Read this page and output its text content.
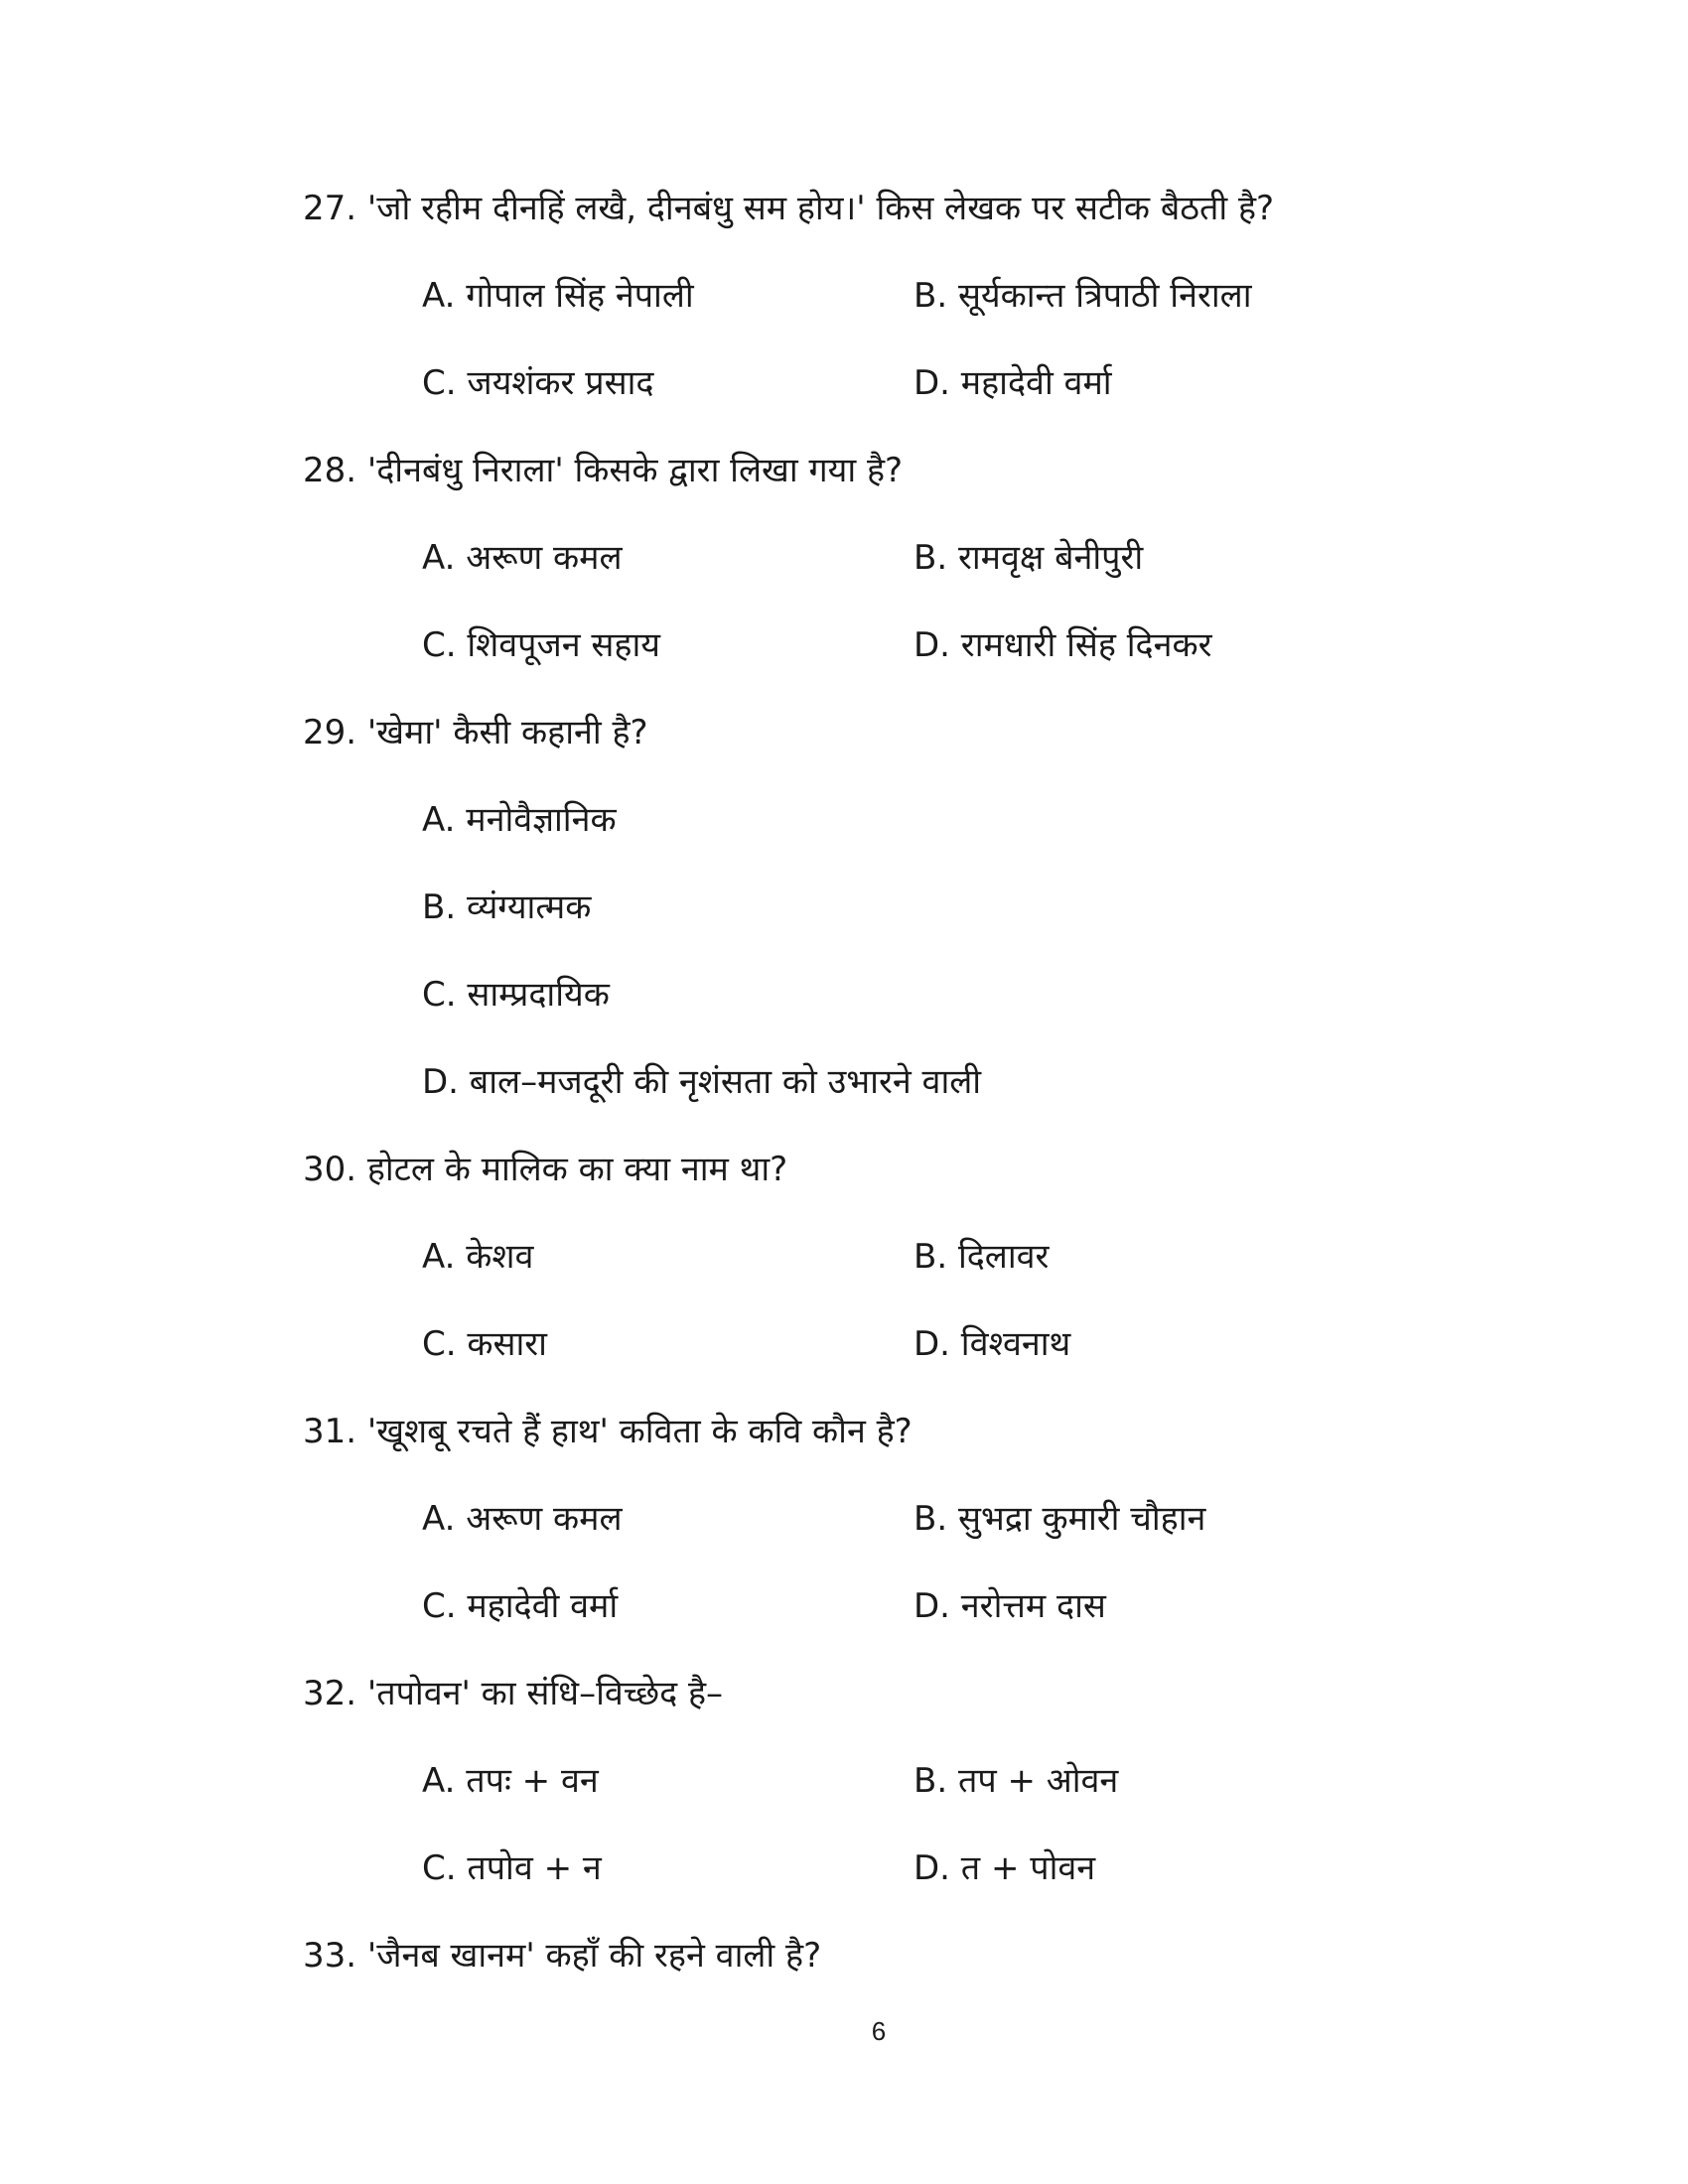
27. 'जो रहीम दीनहिं लखै, दीनबंधु सम होय।' किस लेखक पर सटीक बैठती है?
A. गोपाल सिंह नेपाली	B. सूर्यकान्त त्रिपाठी निराला
C. जयशंकर प्रसाद	D. महादेवी वर्मा
28. 'दीनबंधु निराला' किसके द्वारा लिखा गया है?
A. अरूण कमल	B. रामवृक्ष बेनीपुरी
C. शिवपूजन सहाय	D. रामधारी सिंह दिनकर
29. 'खेमा' कैसी कहानी है?
A. मनोवैज्ञानिक
B. व्यंग्यात्मक
C. साम्प्रदायिक
D. बाल–मजदूरी की नृशंसता को उभारने वाली
30. होटल के मालिक का क्या नाम था?
A. केशव	B. दिलावर
C. कसारा	D. विश्वनाथ
31. 'खूशबू रचते हैं हाथ' कविता के कवि कौन है?
A. अरूण कमल	B. सुभद्रा कुमारी चौहान
C. महादेवी वर्मा	D. नरोत्तम दास
32. 'तपोवन' का संधि–विच्छेद है–
A. तपः + वन	B. तप + ओवन
C. तपोव + न	D. त + पोवन
33. 'जैनब खानम' कहाँ की रहने वाली है?
6
